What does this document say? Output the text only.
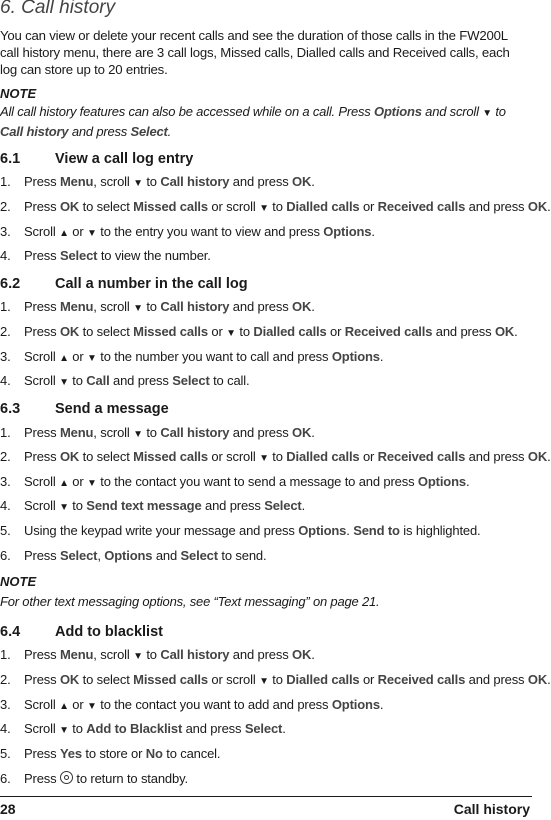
6. Call history

You can view or delete your recent calls and see the duration of those calls in the FW200L call history menu, there are 3 call logs, Missed calls, Dialled calls and Received calls, each log can store up to 20 entries.

NOTE

All call history features can also be accessed while on a call. Press Options and scroll ▼ to Call history and press Select.

6.1 View a call log entry

1. Press Menu, scroll ▼ to Call history and press OK.

2. Press OK to select Missed calls or scroll ▼ to Dialled calls or Received calls and press OK.

3. Scroll ▲ or ▼ to the entry you want to view and press Options.

4. Press Select to view the number.

6.2 Call a number in the call log

1. Press Menu, scroll ▼ to Call history and press OK.

2. Press OK to select Missed calls or ▼ to Dialled calls or Received calls and press OK.

3. Scroll ▲ or ▼ to the number you want to call and press Options.

4. Scroll ▼ to Call and press Select to call.

6.3 Send a message

1. Press Menu, scroll ▼ to Call history and press OK.

2. Press OK to select Missed calls or scroll ▼ to Dialled calls or Received calls and press OK.

3. Scroll ▲ or ▼ to the contact you want to send a message to and press Options.

4. Scroll ▼ to Send text message and press Select.

5. Using the keypad write your message and press Options. Send to is highlighted.

6. Press Select, Options and Select to send.

NOTE

For other text messaging options, see “Text messaging” on page 21.

6.4 Add to blacklist

1. Press Menu, scroll ▼ to Call history and press OK.

2. Press OK to select Missed calls or scroll ▼ to Dialled calls or Received calls and press OK.

3. Scroll ▲ or ▼ to the contact you want to add and press Options.

4. Scroll ▼ to Add to Blacklist and press Select.

5. Press Yes to store or No to cancel.

6. Press  to return to standby.

28	Call history
